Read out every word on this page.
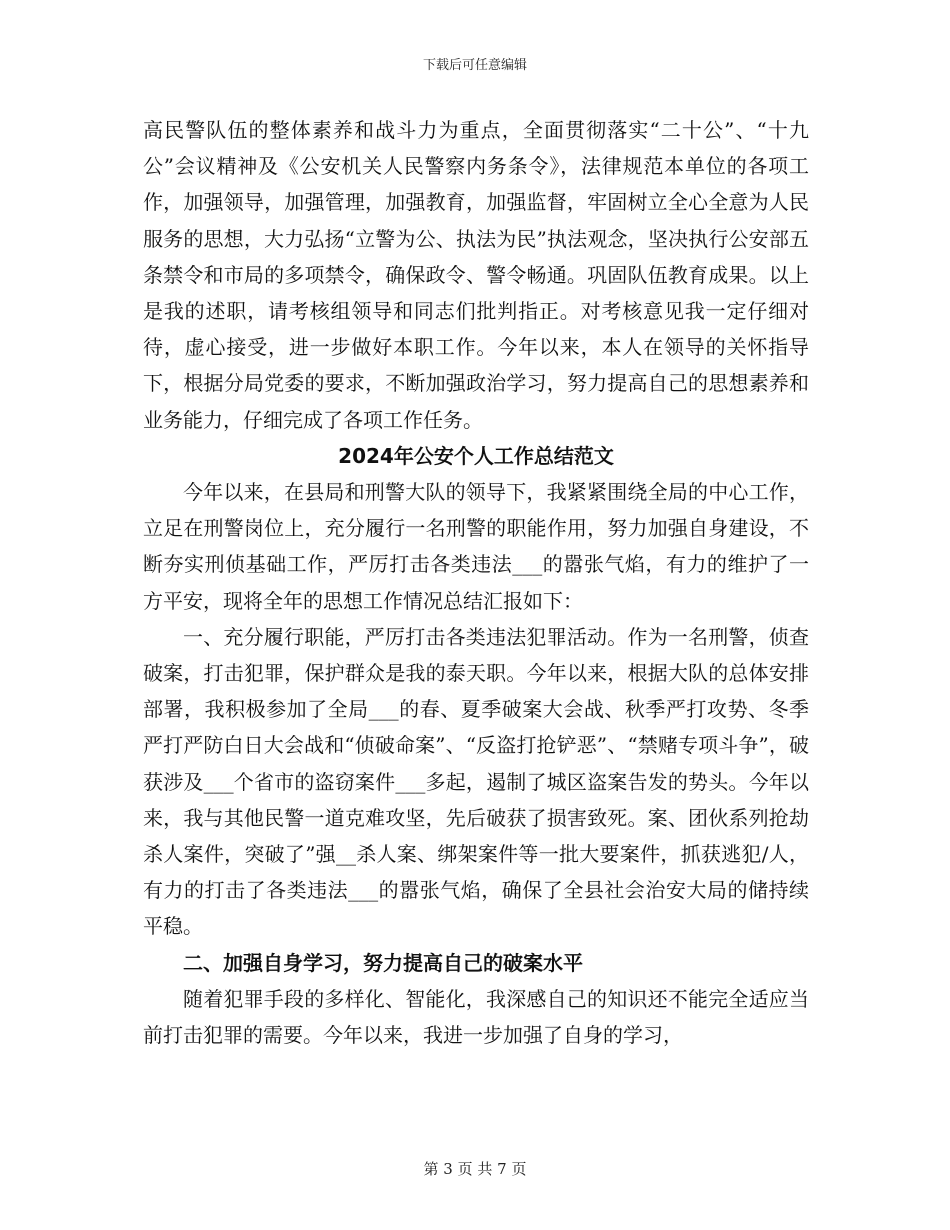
下载后可任意编辑

高民警队伍的整体素养和战斗力为重点，全面贯彻落实“二十公”、“十九公”会议精神及《公安机关人民警察内务条令》，法律规范本单位的各项工作，加强领导，加强管理，加强教育，加强监督，牢固树立全心全意为人民服务的思想，大力弘扬“立警为公、执法为民”执法观念，坚决执行公安部五条禁令和市局的多项禁令，确保政令、警令畅通。巩固队伍教育成果。以上是我的述职，请考核组领导和同志们批判指正。对考核意见我一定仔细对待，虚心接受，进一步做好本职工作。今年以来，本人在领导的关怀指导下，根据分局党委的要求，不断加强政治学习，努力提高自己的思想素养和业务能力，仔细完成了各项工作任务。

2024年公安个人工作总结范文

今年以来，在县局和刑警大队的领导下，我紧紧围绕全局的中心工作，立足在刑警岗位上，充分履行一名刑警的职能作用，努力加强自身建设，不断夯实刑侦基础工作，严厉打击各类违法___的嚣张气焰，有力的维护了一方平安，现将全年的思想工作情况总结汇报如下：

一、充分履行职能，严厉打击各类违法犯罪活动。作为一名刑警，侦查破案，打击犯罪，保护群众是我的泰天职。今年以来，根据大队的总体安排部署，我积极参加了全局___的春、夏季破案大会战、秋季严打攻势、冬季严打严防白日大会战和“侦破命案”、“反盗打抢铲恶”、“禁赌专项斗争”，破获涉及___个省市的盗窃案件___多起，遏制了城区盗案告发的势头。今年以来，我与其他民警一道克难攻坚，先后破获了损害致死。案、团伙系列抢劫杀人案件，突破了”强__杀人案、绑架案件等一批大要案件，抓获逃犯/人，有力的打击了各类违法___的嚣张气焰，确保了全县社会治安大局的储持续平稳。

二、加强自身学习，努力提高自己的破案水平

随着犯罪手段的多样化、智能化，我深感自己的知识还不能完全适应当前打击犯罪的需要。今年以来，我进一步加强了自身的学习，

第 3 页 共 7 页
